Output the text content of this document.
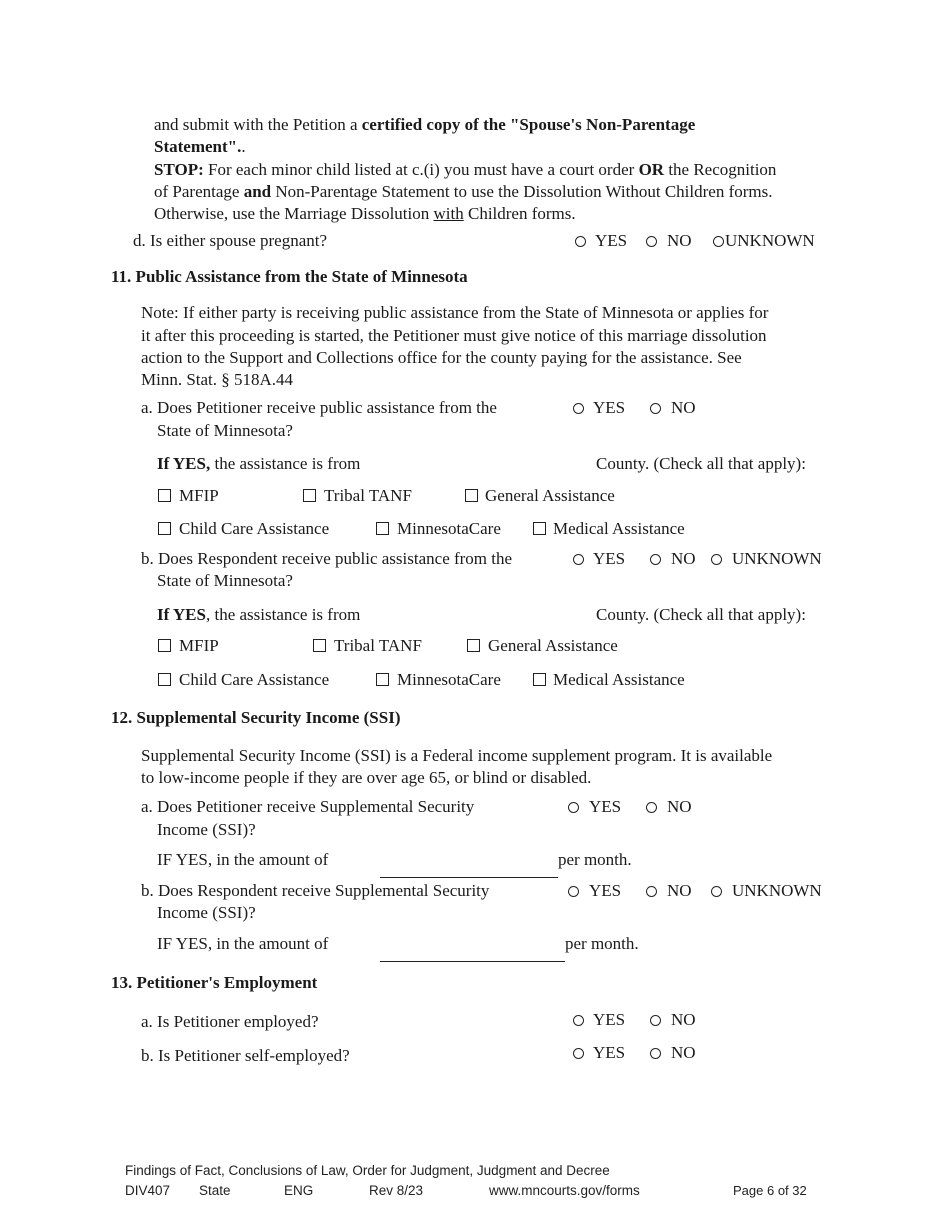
and submit with the Petition a certified copy of the "Spouse's Non-Parentage
Statement"..
STOP: For each minor child listed at c.(i) you must have a court order OR the Recognition
of Parentage and Non-Parentage Statement to use the Dissolution Without Children forms.
Otherwise, use the Marriage Dissolution with Children forms.
d. Is either spouse pregnant?	YES NO UNKNOWN
11. Public Assistance from the State of Minnesota
Note: If either party is receiving public assistance from the State of Minnesota or applies for
it after this proceeding is started, the Petitioner must give notice of this marriage dissolution
action to the Support and Collections office for the county paying for the assistance. See
Minn. Stat. § 518A.44
a. Does Petitioner receive public assistance from the
State of Minnesota?
YES	NO
If YES, the assistance is from	County. (Check all that apply):
MFIP	Tribal TANF	General Assistance
Child Care Assistance	MinnesotaCare	Medical Assistance
b. Does Respondent receive public assistance from the
State of Minnesota?
YES	NO UNKNOWN
If YES, the assistance is from	County. (Check all that apply):
MFIP	Tribal TANF	General Assistance
Child Care Assistance	MinnesotaCare	Medical Assistance
12. Supplemental Security Income (SSI)
Supplemental Security Income (SSI) is a Federal income supplement program. It is available
to low-income people if they are over age 65, or blind or disabled.
a. Does Petitioner receive Supplemental Security
Income (SSI)?
YES	NO
IF YES, in the amount of	per month.
b. Does Respondent receive Supplemental Security
Income (SSI)?
YES	NO UNKNOWN
IF YES, in the amount of	per month.
13. Petitioner's Employment
a. Is Petitioner employed?	YES	NO
b. Is Petitioner self-employed?	YES	NO
Findings of Fact, Conclusions of Law, Order for Judgment, Judgment and Decree
DIV407 State	ENG	Rev 8/23	www.mncourts.gov/forms	Page 6 of 32
